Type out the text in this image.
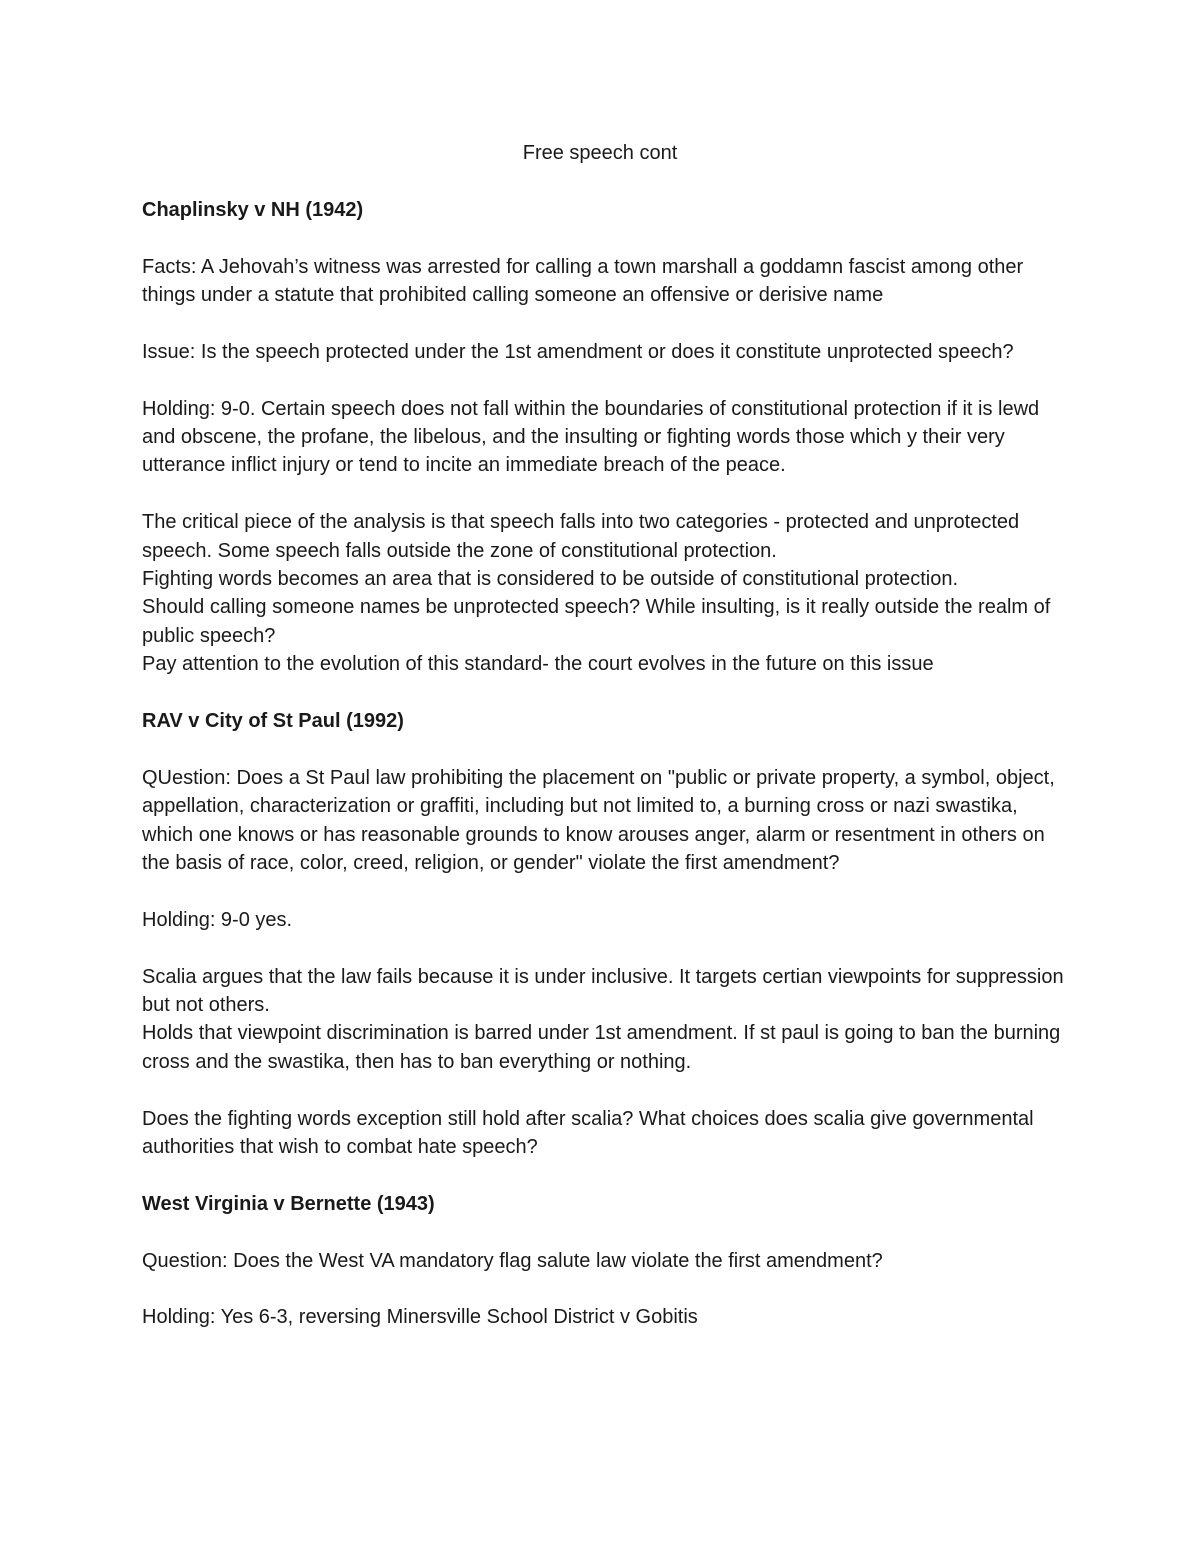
Free speech cont
Chaplinsky v NH (1942)

Facts: A Jehovah’s witness was arrested for calling a town marshall a goddamn fascist among other things under a statute that prohibited calling someone an offensive or derisive name

Issue: Is the speech protected under the 1st amendment or does it constitute unprotected speech?

Holding: 9-0. Certain speech does not fall within the boundaries of constitutional protection if it is lewd and obscene, the profane, the libelous, and the insulting or fighting words those which y their very utterance inflict injury or tend to incite an immediate breach of the peace.

The critical piece of the analysis is that speech falls into two categories - protected and unprotected speech. Some speech falls outside the zone of constitutional protection.

Fighting words becomes an area that is considered to be outside of constitutional protection.

Should calling someone names be unprotected speech? While insulting, is it really outside the realm of public speech?

Pay attention to the evolution of this standard- the court evolves in the future on this issue

RAV v City of St Paul (1992)

QUestion: Does a St Paul law prohibiting the placement on "public or private property, a symbol, object, appellation, characterization or graffiti, including but not limited to, a burning cross or nazi swastika, which one knows or has reasonable grounds to know arouses anger, alarm or resentment in others on the basis of race, color, creed, religion, or gender" violate the first amendment?

Holding: 9-0 yes.

Scalia argues that the law fails because it is under inclusive. It targets certian viewpoints for suppression but not others.

Holds that viewpoint discrimination is barred under 1st amendment. If st paul is going to ban the burning cross and the swastika, then has to ban everything or nothing.

Does the fighting words exception still hold after scalia? What choices does scalia give governmental authorities that wish to combat hate speech?

West Virginia v Bernette (1943)

Question: Does the West VA mandatory flag salute law violate the first amendment?

Holding: Yes 6-3, reversing Minersville School District v Gobitis
